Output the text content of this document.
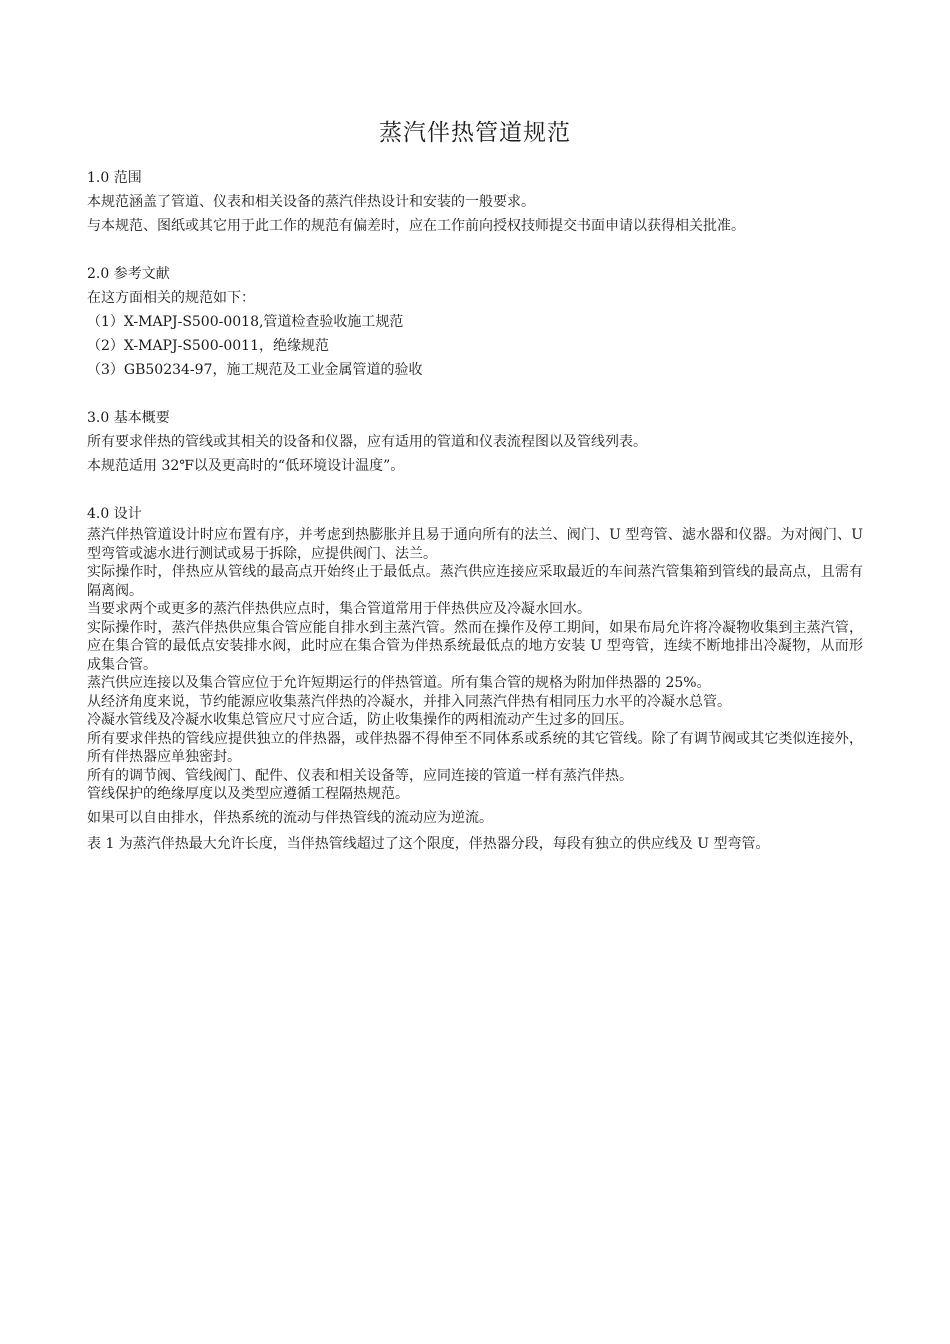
蒸汽伴热管道规范
1.0 范围

本规范涵盖了管道、仪表和相关设备的蒸汽伴热设计和安装的一般要求。

与本规范、图纸或其它用于此工作的规范有偏差时，应在工作前向授权技师提交书面申请以获得相关批准。

2.0 参考文献

在这方面相关的规范如下：

（1）X-MAPJ-S500-0018,管道检查验收施工规范

（2）X-MAPJ-S500-0011，绝缘规范

（3）GB50234-97，施工规范及工业金属管道的验收

3.0 基本概要

所有要求伴热的管线或其相关的设备和仪器，应有适用的管道和仪表流程图以及管线列表。

本规范适用 32℉以及更高时的“低环境设计温度”。

4.0 设计

蒸汽伴热管道设计时应布置有序，并考虑到热膨胀并且易于通向所有的法兰、阀门、U 型弯管、滤水器和仪器。为对阀门、U 型弯管或滤水进行测试或易于拆除，应提供阀门、法兰。

实际操作时，伴热应从管线的最高点开始终止于最低点。蒸汽供应连接应采取最近的车间蒸汽管集箱到管线的最高点，且需有隔离阀。

当要求两个或更多的蒸汽伴热供应点时，集合管道常用于伴热供应及冷凝水回水。

实际操作时，蒸汽伴热供应集合管应能自排水到主蒸汽管。然而在操作及停工期间，如果布局允许将冷凝物收集到主蒸汽管，应在集合管的最低点安装排水阀，此时应在集合管为伴热系统最低点的地方安装 U 型弯管，连续不断地排出冷凝物，从而形成集合管。

蒸汽供应连接以及集合管应位于允许短期运行的伴热管道。所有集合管的规格为附加伴热器的 25%。

从经济角度来说，节约能源应收集蒸汽伴热的冷凝水，并排入同蒸汽伴热有相同压力水平的冷凝水总管。

冷凝水管线及冷凝水收集总管应尺寸应合适，防止收集操作的两相流动产生过多的回压。

所有要求伴热的管线应提供独立的伴热器，或伴热器不得伸至不同体系或系统的其它管线。除了有调节阀或其它类似连接外，所有伴热器应单独密封。

所有的调节阀、管线阀门、配件、仪表和相关设备等，应同连接的管道一样有蒸汽伴热。

管线保护的绝缘厚度以及类型应遵循工程隔热规范。

如果可以自由排水，伴热系统的流动与伴热管线的流动应为逆流。

表 1 为蒸汽伴热最大允许长度，当伴热管线超过了这个限度，伴热器分段，每段有独立的供应线及 U 型弯管。
